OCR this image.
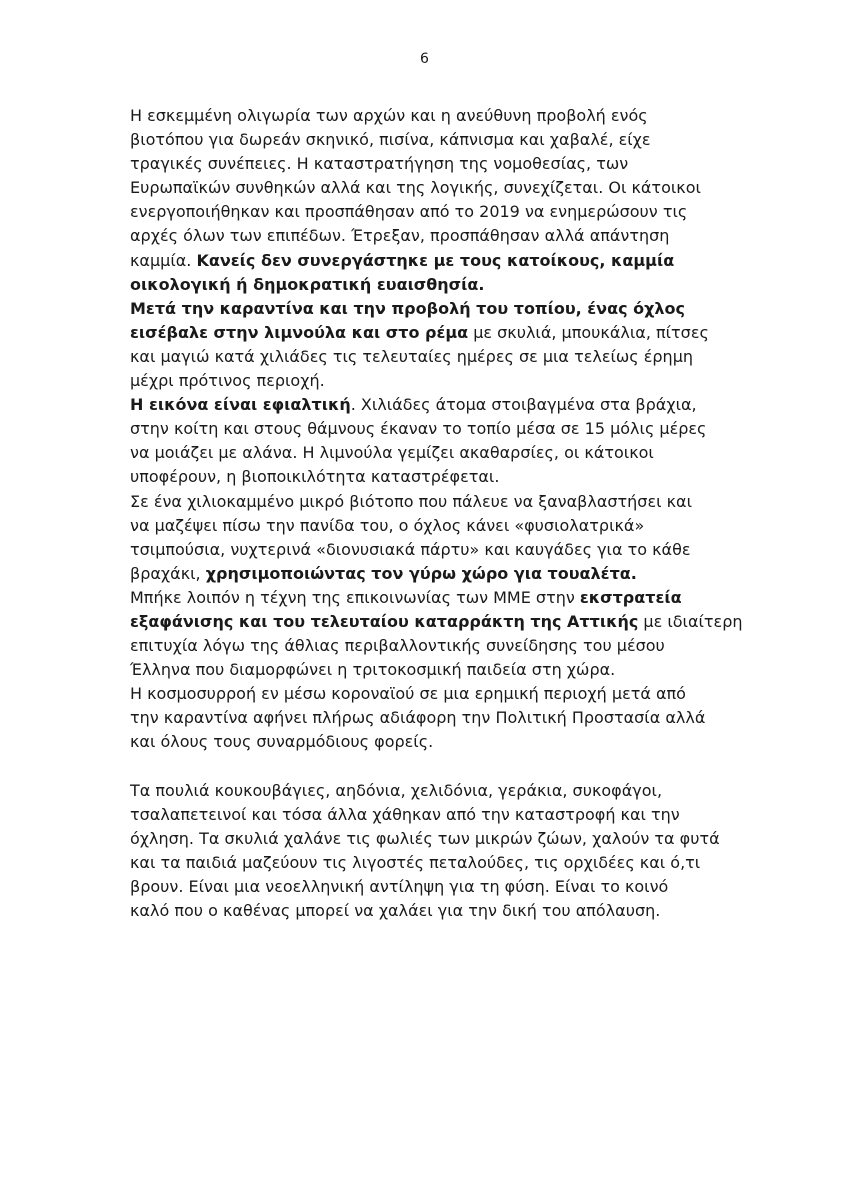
6
Η εσκεμμένη ολιγωρία των αρχών και η ανεύθυνη προβολή ενός
βιοτόπου για δωρεάν σκηνικό, πισίνα, κάπνισμα και χαβαλέ, είχε
τραγικές συνέπειες. Η καταστρατήγηση της νομοθεσίας, των
Ευρωπαϊκών συνθηκών αλλά και της λογικής, συνεχίζεται. Οι κάτοικοι
ενεργοποιήθηκαν και προσπάθησαν από το 2019 να ενημερώσουν τις
αρχές όλων των επιπέδων. Έτρεξαν, προσπάθησαν αλλά απάντηση
καμμία. Κανείς δεν συνεργάστηκε με τους κατοίκους, καμμία
οικολογική ή δημοκρατική ευαισθησία.
Μετά την καραντίνα και την προβολή του τοπίου, ένας όχλος
εισέβαλε στην λιμνούλα και στο ρέμα με σκυλιά, μπουκάλια, πίτσες
και μαγιώ κατά χιλιάδες τις τελευταίες ημέρες σε μια τελείως έρημη
μέχρι πρότινος περιοχή.
Η εικόνα είναι εφιαλτική. Χιλιάδες άτομα στοιβαγμένα στα βράχια,
στην κοίτη και στους θάμνους έκαναν το τοπίο μέσα σε 15 μόλις μέρες
να μοιάζει με αλάνα. Η λιμνούλα γεμίζει ακαθαρσίες, οι κάτοικοι
υποφέρουν, η βιοποικιλότητα καταστρέφεται.
Σε ένα χιλιοκαμμένο μικρό βιότοπο που πάλευε να ξαναβλαστήσει και
να μαζέψει πίσω την πανίδα του, ο όχλος κάνει «φυσιολατρικά»
τσιμπούσια, νυχτερινά «διονυσιακά πάρτυ» και καυγάδες για το κάθε
βραχάκι, χρησιμοποιώντας τον γύρω χώρο για τουαλέτα.
Μπήκε λοιπόν η τέχνη της επικοινωνίας των ΜΜΕ στην εκστρατεία
εξαφάνισης και του τελευταίου καταρράκτη της Αττικής με ιδιαίτερη
επιτυχία λόγω της άθλιας περιβαλλοντικής συνείδησης του μέσου
Έλληνα που διαμορφώνει η τριτοκοσμική παιδεία στη χώρα.
Η κοσμοσυρροή εν μέσω κοροναϊού σε μια ερημική περιοχή μετά από
την καραντίνα αφήνει πλήρως αδιάφορη την Πολιτική Προστασία αλλά
και όλους τους συναρμόδιους φορείς.
Τα πουλιά κουκουβάγιες, αηδόνια, χελιδόνια, γεράκια, συκοφάγοι,
τσαλαπετεινοί και τόσα άλλα χάθηκαν από την καταστροφή και την
όχληση. Τα σκυλιά χαλάνε τις φωλιές των μικρών ζώων, χαλούν τα φυτά
και τα παιδιά μαζεύουν τις λιγοστές πεταλούδες, τις ορχιδέες και ό,τι
βρουν. Είναι μια νεοελληνική αντίληψη για τη φύση. Είναι το κοινό
καλό που ο καθένας μπορεί να χαλάει για την δική του απόλαυση.
